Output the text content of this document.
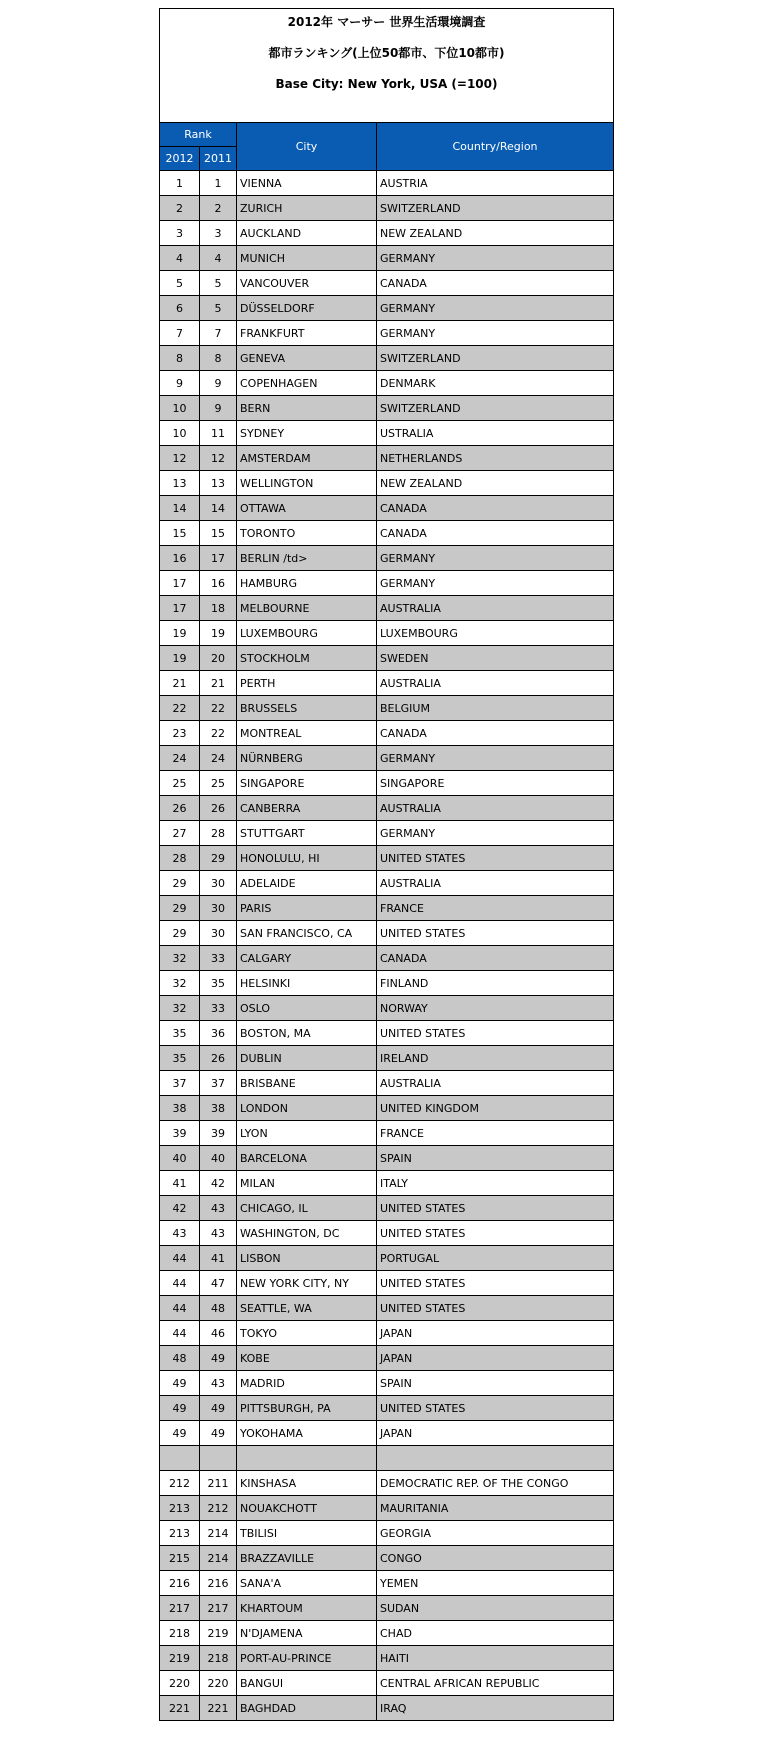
2012年 マーサー 世界生活環境調査
都市ランキング(上位50都市、下位10都市)
Base City: New York, USA (=100)			

Rank		City	Country/Region
2012	2011		
1	1	VIENNA	AUSTRIA
2	2	ZURICH	SWITZERLAND
3	3	AUCKLAND	NEW ZEALAND
4	4	MUNICH	GERMANY
5	5	VANCOUVER	CANADA
6	5	DÜSSELDORF	GERMANY
7	7	FRANKFURT	GERMANY
8	8	GENEVA	SWITZERLAND
9	9	COPENHAGEN	DENMARK
10	9	BERN	SWITZERLAND
10	11	SYDNEY	USTRALIA
12	12	AMSTERDAM	NETHERLANDS
13	13	WELLINGTON	NEW ZEALAND
14	14	OTTAWA	CANADA
15	15	TORONTO	CANADA
16	17	BERLIN /td>	GERMANY
17	16	HAMBURG	GERMANY
17	18	MELBOURNE	AUSTRALIA
19	19	LUXEMBOURG	LUXEMBOURG
19	20	STOCKHOLM	SWEDEN
21	21	PERTH	AUSTRALIA
22	22	BRUSSELS	BELGIUM
23	22	MONTREAL	CANADA
24	24	NÜRNBERG	GERMANY
25	25	SINGAPORE	SINGAPORE
26	26	CANBERRA	AUSTRALIA
27	28	STUTTGART	GERMANY
28	29	HONOLULU, HI	UNITED STATES
29	30	ADELAIDE	AUSTRALIA
29	30	PARIS	FRANCE
29	30	SAN FRANCISCO, CA	UNITED STATES
32	33	CALGARY	CANADA
32	35	HELSINKI	FINLAND
32	33	OSLO	NORWAY
35	36	BOSTON, MA	UNITED STATES
35	26	DUBLIN	IRELAND
37	37	BRISBANE	AUSTRALIA
38	38	LONDON	UNITED KINGDOM
39	39	LYON	FRANCE
40	40	BARCELONA	SPAIN
41	42	MILAN	ITALY
42	43	CHICAGO, IL	UNITED STATES
43	43	WASHINGTON, DC	UNITED STATES
44	41	LISBON	PORTUGAL
44	47	NEW YORK CITY, NY	UNITED STATES
44	48	SEATTLE, WA	UNITED STATES
44	46	TOKYO	JAPAN
48	49	KOBE	JAPAN
49	43	MADRID	SPAIN
49	49	PITTSBURGH, PA	UNITED STATES
49	49	YOKOHAMA	JAPAN

212	211	KINSHASA	DEMOCRATIC REP. OF THE CONGO
213	212	NOUAKCHOTT	MAURITANIA
213	214	TBILISI	GEORGIA
215	214	BRAZZAVILLE	CONGO
216	216	SANA'A	YEMEN
217	217	KHARTOUM	SUDAN
218	219	N'DJAMENA	CHAD
219	218	PORT-AU-PRINCE	HAITI
220	220	BANGUI	CENTRAL AFRICAN REPUBLIC
221	221	BAGHDAD	IRAQ
